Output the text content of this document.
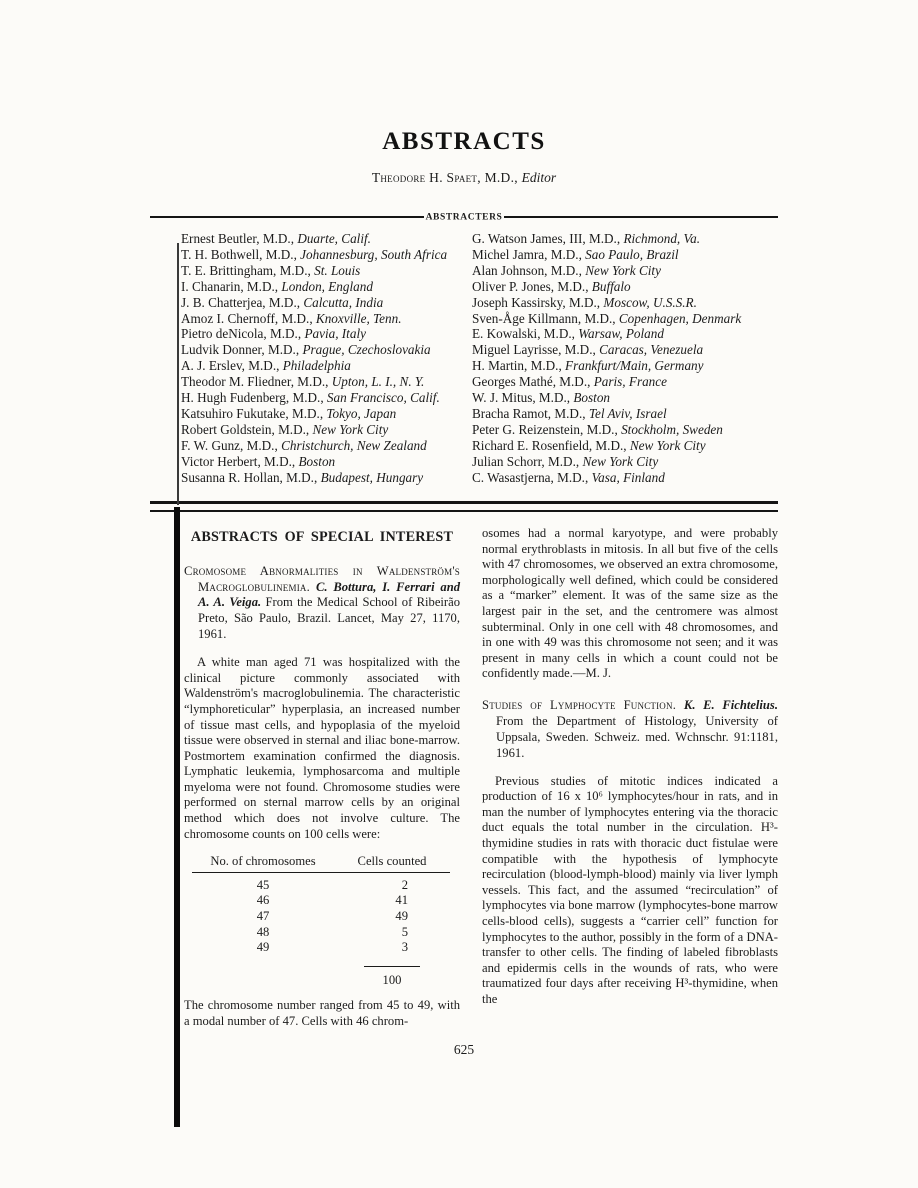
ABSTRACTS
Theodore H. Spaet, M.D., Editor
ABSTRACTERS
Ernest Beutler, M.D., Duarte, Calif.
T. H. Bothwell, M.D., Johannesburg, South Africa
T. E. Brittingham, M.D., St. Louis
I. Chanarin, M.D., London, England
J. B. Chatterjea, M.D., Calcutta, India
Amoz I. Chernoff, M.D., Knoxville, Tenn.
Pietro deNicola, M.D., Pavia, Italy
Ludvik Donner, M.D., Prague, Czechoslovakia
A. J. Erslev, M.D., Philadelphia
Theodor M. Fliedner, M.D., Upton, L. I., N. Y.
H. Hugh Fudenberg, M.D., San Francisco, Calif.
Katsuhiro Fukutake, M.D., Tokyo, Japan
Robert Goldstein, M.D., New York City
F. W. Gunz, M.D., Christchurch, New Zealand
Victor Herbert, M.D., Boston
Susanna R. Hollan, M.D., Budapest, Hungary
G. Watson James, III, M.D., Richmond, Va.
Michel Jamra, M.D., Sao Paulo, Brazil
Alan Johnson, M.D., New York City
Oliver P. Jones, M.D., Buffalo
Joseph Kassirsky, M.D., Moscow, U.S.S.R.
Sven-Åge Killmann, M.D., Copenhagen, Denmark
E. Kowalski, M.D., Warsaw, Poland
Miguel Layrisse, M.D., Caracas, Venezuela
H. Martin, M.D., Frankfurt/Main, Germany
Georges Mathé, M.D., Paris, France
W. J. Mitus, M.D., Boston
Bracha Ramot, M.D., Tel Aviv, Israel
Peter G. Reizenstein, M.D., Stockholm, Sweden
Richard E. Rosenfield, M.D., New York City
Julian Schorr, M.D., New York City
C. Wasastjerna, M.D., Vasa, Finland
ABSTRACTS OF SPECIAL INTEREST
Cromosome Abnormalities in Waldenström's Macroglobulinemia. C. Bottura, I. Ferrari and A. A. Veiga. From the Medical School of Ribeirão Preto, São Paulo, Brazil. Lancet, May 27, 1170, 1961.

A white man aged 71 was hospitalized with the clinical picture commonly associated with Waldenström's macroglobulinemia. The characteristic “lymphoreticular” hyperplasia, an increased number of tissue mast cells, and hypoplasia of the myeloid tissue were observed in sternal and iliac bone-marrow. Postmortem examination confirmed the diagnosis. Lymphatic leukemia, lymphosarcoma and multiple myeloma were not found. Chromosome studies were performed on sternal marrow cells by an original method which does not involve culture. The chromosome counts on 100 cells were:

No. of chromosomes	Cells counted
45	2
46	41
47	49
48	5
49	3
	100

The chromosome number ranged from 45 to 49, with a modal number of 47. Cells with 46 chrom-

osomes had a normal karyotype, and were probably normal erythroblasts in mitosis. In all but five of the cells with 47 chromosomes, we observed an extra chromosome, morphologically well defined, which could be considered as a “marker” element. It was of the same size as the largest pair in the set, and the centromere was almost subterminal. Only in one cell with 48 chromosomes, and in one with 49 was this chromosome not seen; and it was present in many cells in which a count could not be confidently made.—M. J.

Studies of Lymphocyte Function. K. E. Fichtelius. From the Department of Histology, University of Uppsala, Sweden. Schweiz. med. Wchnschr. 91:1181, 1961.

Previous studies of mitotic indices indicated a production of 16 x 10⁶ lymphocytes/hour in rats, and in man the number of lymphocytes entering via the thoracic duct equals the total number in the circulation. H³-thymidine studies in rats with thoracic duct fistulae were compatible with the hypothesis of lymphocyte recirculation (blood-lymph-blood) mainly via liver lymph vessels. This fact, and the assumed “recirculation” of lymphocytes via bone marrow (lymphocytes-bone marrow cells-blood cells), suggests a “carrier cell” function for lymphocytes to the author, possibly in the form of a DNA-transfer to other cells. The finding of labeled fibroblasts and epidermis cells in the wounds of rats, who were traumatized four days after receiving H³-thymidine, when the

625
